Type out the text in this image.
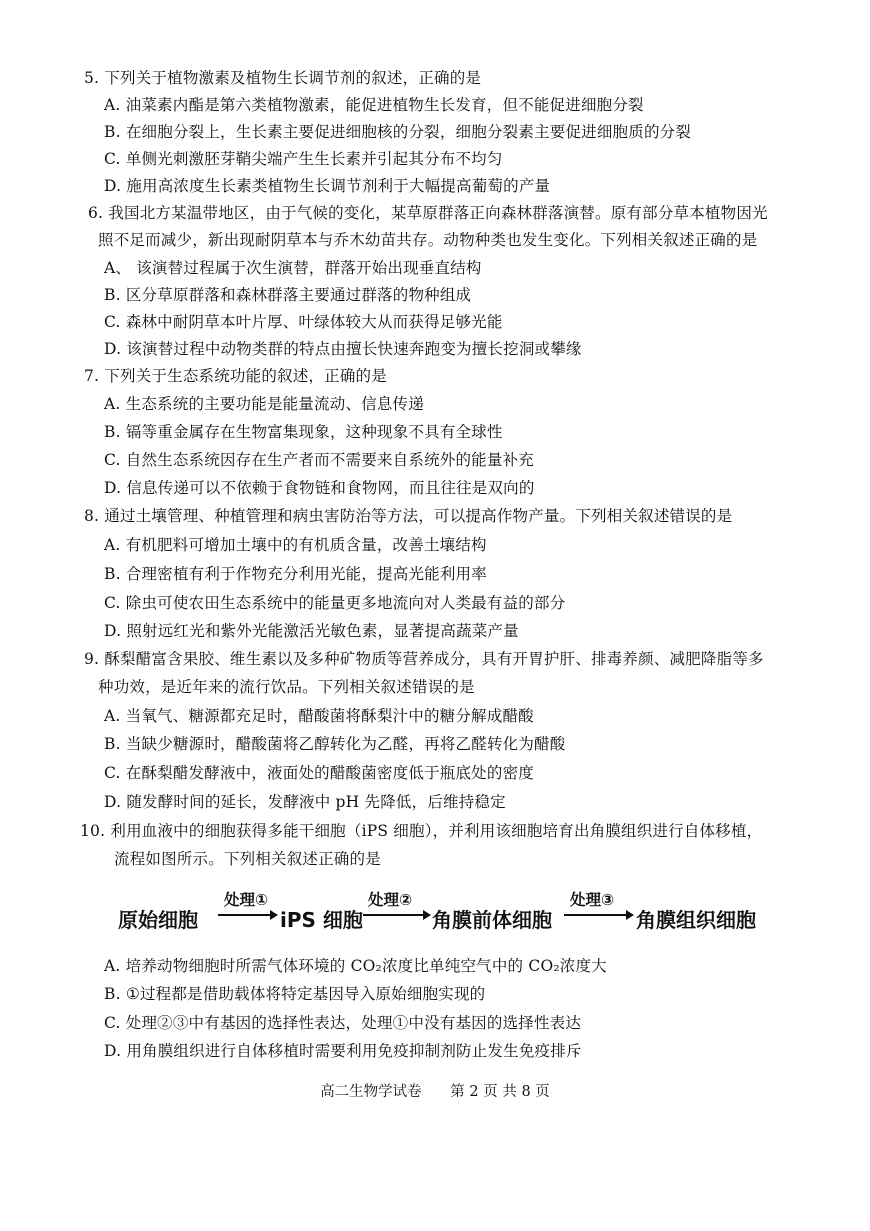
5. 下列关于植物激素及植物生长调节剂的叙述，正确的是
A. 油菜素内酯是第六类植物激素，能促进植物生长发育，但不能促进细胞分裂
B. 在细胞分裂上，生长素主要促进细胞核的分裂，细胞分裂素主要促进细胞质的分裂
C. 单侧光刺激胚芽鞘尖端产生生长素并引起其分布不均匀
D. 施用高浓度生长素类植物生长调节剂利于大幅提高葡萄的产量
6. 我国北方某温带地区，由于气候的变化，某草原群落正向森林群落演替。原有部分草本植物因光
照不足而减少，新出现耐阴草本与乔木幼苗共存。动物种类也发生变化。下列相关叙述正确的是
A、 该演替过程属于次生演替，群落开始出现垂直结构
B. 区分草原群落和森林群落主要通过群落的物种组成
C. 森林中耐阴草本叶片厚、叶绿体较大从而获得足够光能
D. 该演替过程中动物类群的特点由擅长快速奔跑变为擅长挖洞或攀缘
7. 下列关于生态系统功能的叙述，正确的是
A. 生态系统的主要功能是能量流动、信息传递
B. 镉等重金属存在生物富集现象，这种现象不具有全球性
C. 自然生态系统因存在生产者而不需要来自系统外的能量补充
D. 信息传递可以不依赖于食物链和食物网，而且往往是双向的
8. 通过土壤管理、种植管理和病虫害防治等方法，可以提高作物产量。下列相关叙述错误的是
A. 有机肥料可增加土壤中的有机质含量，改善土壤结构
B. 合理密植有利于作物充分利用光能，提高光能利用率
C. 除虫可使农田生态系统中的能量更多地流向对人类最有益的部分
D. 照射远红光和紫外光能激活光敏色素，显著提高蔬菜产量
9. 酥梨醋富含果胶、维生素以及多种矿物质等营养成分，具有开胃护肝、排毒养颜、减肥降脂等多
种功效，是近年来的流行饮品。下列相关叙述错误的是
A. 当氧气、糖源都充足时，醋酸菌将酥梨汁中的糖分解成醋酸
B. 当缺少糖源时，醋酸菌将乙醇转化为乙醛，再将乙醛转化为醋酸
C. 在酥梨醋发酵液中，液面处的醋酸菌密度低于瓶底处的密度
D. 随发酵时间的延长，发酵液中 pH 先降低，后维持稳定
10. 利用血液中的细胞获得多能干细胞（iPS 细胞），并利用该细胞培育出角膜组织进行自体移植，
流程如图所示。下列相关叙述正确的是
原始细胞
处理①
iPS 细胞
处理②
角膜前体细胞
处理③
角膜组织细胞
A. 培养动物细胞时所需气体环境的 CO₂浓度比单纯空气中的 CO₂浓度大
B. ①过程都是借助载体将特定基因导入原始细胞实现的
C. 处理②③中有基因的选择性表达，处理①中没有基因的选择性表达
D. 用角膜组织进行自体移植时需要利用免疫抑制剂防止发生免疫排斥
高二生物学试卷 第 2 页 共 8 页
